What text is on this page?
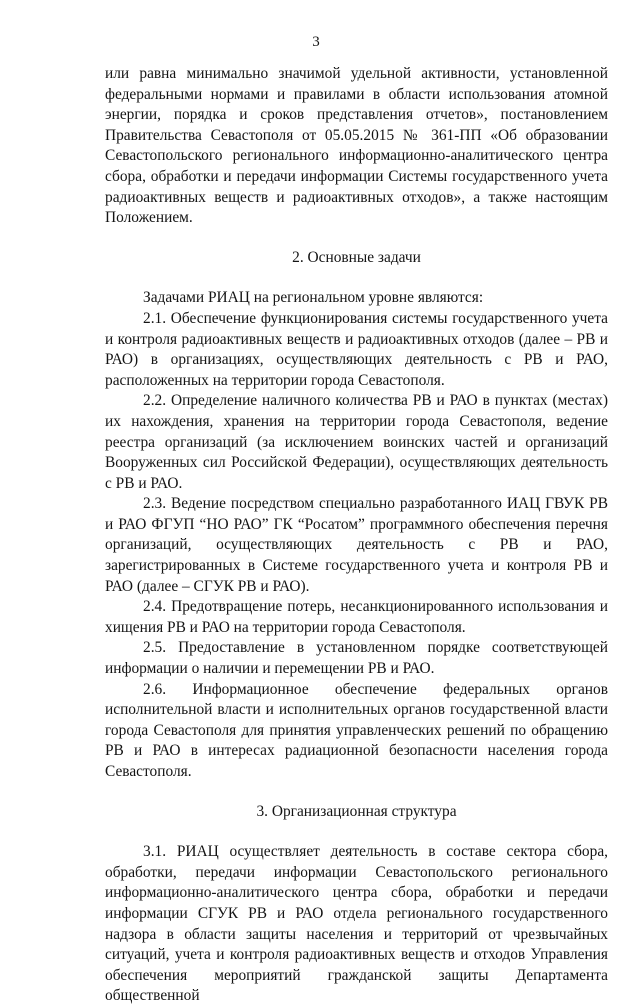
3

или равна минимально значимой удельной активности, установленной федеральными нормами и правилами в области использования атомной энергии, порядка и сроков представления отчетов», постановлением Правительства Севастополя от 05.05.2015 № 361-ПП «Об образовании Севастопольского регионального информационно-аналитического центра сбора, обработки и передачи информации Системы государственного учета радиоактивных веществ и радиоактивных отходов», а также настоящим Положением.

2. Основные задачи

Задачами РИАЦ на региональном уровне являются:

2.1. Обеспечение функционирования системы государственного учета и контроля радиоактивных веществ и радиоактивных отходов (далее – РВ и РАО) в организациях, осуществляющих деятельность с РВ и РАО, расположенных на территории города Севастополя.

2.2. Определение наличного количества РВ и РАО в пунктах (местах) их нахождения, хранения на территории города Севастополя, ведение реестра организаций (за исключением воинских частей и организаций Вооруженных сил Российской Федерации), осуществляющих деятельность с РВ и РАО.

2.3. Ведение посредством специально разработанного ИАЦ ГВУК РВ и РАО ФГУП “НО РАО” ГК “Росатом” программного обеспечения перечня организаций, осуществляющих деятельность с РВ и РАО, зарегистрированных в Системе государственного учета и контроля РВ и РАО (далее – СГУК РВ и РАО).

2.4. Предотвращение потерь, несанкционированного использования и хищения РВ и РАО на территории города Севастополя.

2.5. Предоставление в установленном порядке соответствующей информации о наличии и перемещении РВ и РАО.

2.6. Информационное обеспечение федеральных органов исполнительной власти и исполнительных органов государственной власти города Севастополя для принятия управленческих решений по обращению РВ и РАО в интересах радиационной безопасности населения города Севастополя.

3. Организационная структура

3.1. РИАЦ осуществляет деятельность в составе сектора сбора, обработки, передачи информации Севастопольского регионального информационно-аналитического центра сбора, обработки и передачи информации СГУК РВ и РАО отдела регионального государственного надзора в области защиты населения и территорий от чрезвычайных ситуаций, учета и контроля радиоактивных веществ и отходов Управления обеспечения мероприятий гражданской защиты Департамента общественной
